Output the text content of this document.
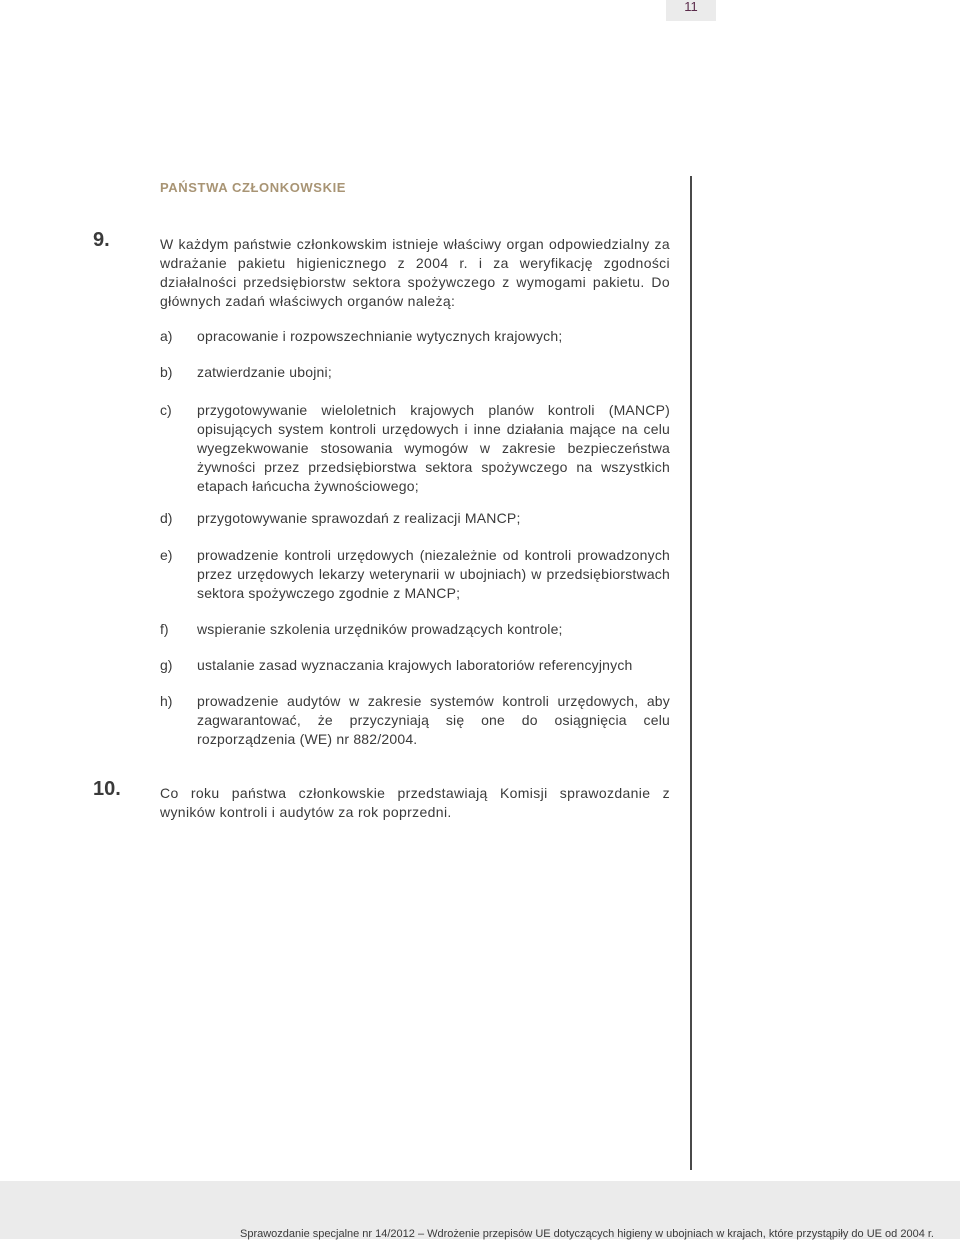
11
PAŃSTWA CZŁONKOWSKIE
9.	W każdym państwie członkowskim istnieje właściwy organ odpowiedzialny za wdrażanie pakietu higienicznego z 2004 r. i za weryfikację zgodności działalności przedsiębiorstw sektora spożywczego z wymogami pakietu. Do głównych zadań właściwych organów należą:
a) opracowanie i rozpowszechnianie wytycznych krajowych;
b) zatwierdzanie ubojni;
c) przygotowywanie wieloletnich krajowych planów kontroli (MANCP) opisujących system kontroli urzędowych i inne działania mające na celu wyegzekwowanie stosowania wymogów w zakresie bezpieczeństwa żywności przez przedsiębiorstwa sektora spożywczego na wszystkich etapach łańcucha żywnościowego;
d) przygotowywanie sprawozdań z realizacji MANCP;
e) prowadzenie kontroli urzędowych (niezależnie od kontroli prowadzonych przez urzędowych lekarzy weterynarii w ubojniach) w przedsiębiorstwach sektora spożywczego zgodnie z MANCP;
f) wspieranie szkolenia urzędników prowadzących kontrole;
g) ustalanie zasad wyznaczania krajowych laboratoriów referencyjnych
h) prowadzenie audytów w zakresie systemów kontroli urzędowych, aby zagwarantować, że przyczyniają się one do osiągnięcia celu rozporządzenia (WE) nr 882/2004.
10.	Co roku państwa członkowskie przedstawiają Komisji sprawozdanie z wyników kontroli i audytów za rok poprzedni.
Sprawozdanie specjalne nr 14/2012 – Wdrożenie przepisów UE dotyczących higieny w ubojniach w krajach, które przystąpiły do UE od 2004 r.
